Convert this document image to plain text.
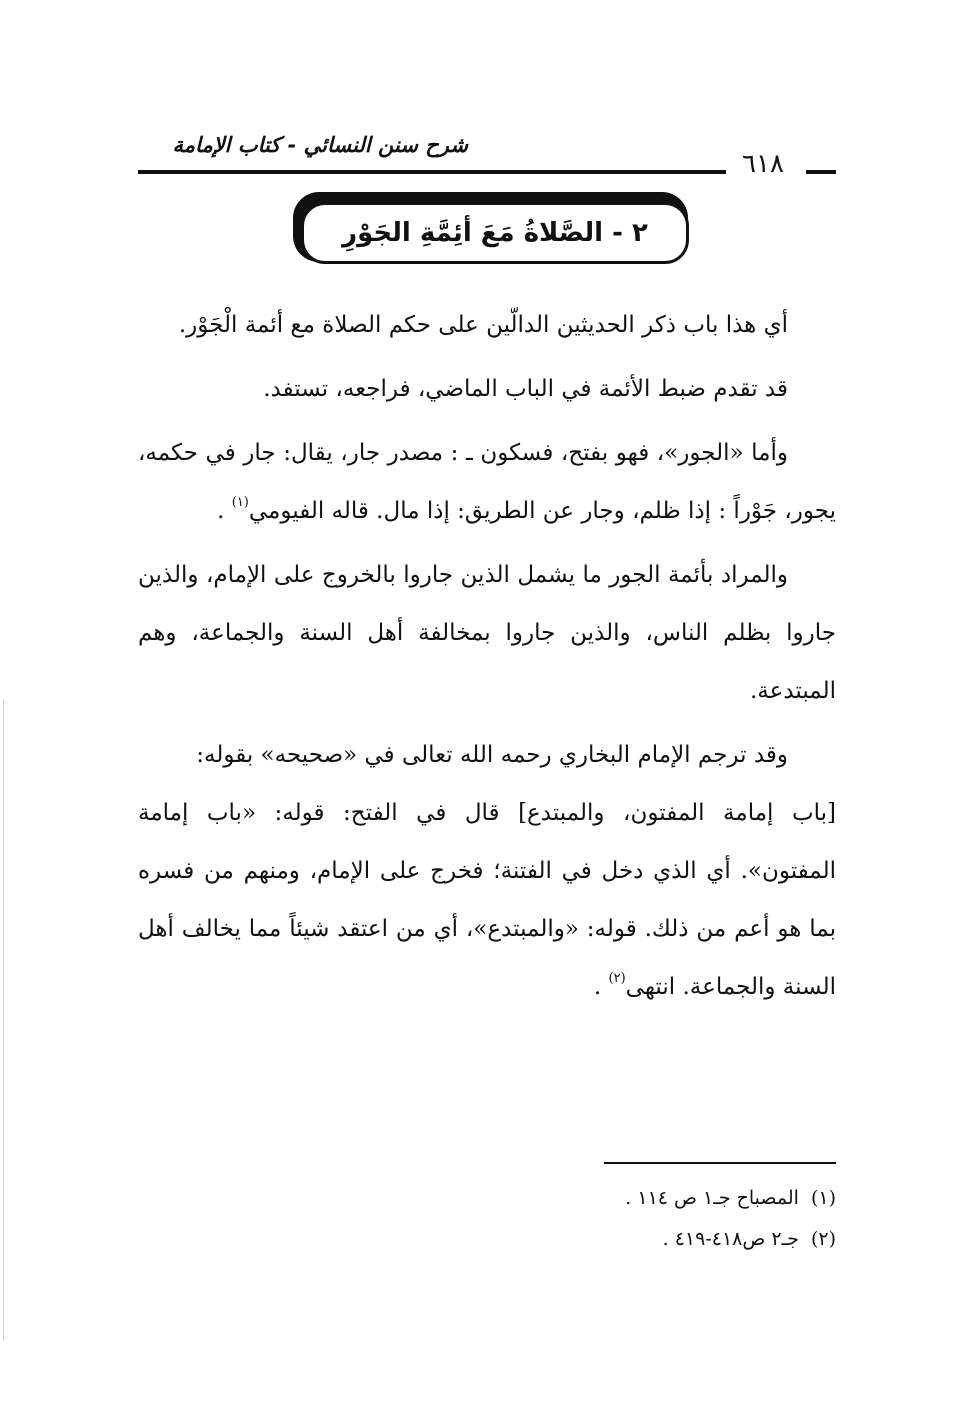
شرح سنن النسائي - كتاب الإمامة
٦١٨
٢ - الصَّلاةُ مَعَ أئِمَّةِ الجَوْرِ

أي هذا باب ذكر الحديثين الدالّين على حكم الصلاة مع أئمة الْجَوْر.

قد تقدم ضبط الأئمة في الباب الماضي، فراجعه، تستفد.

وأما «الجور»، فهو بفتح، فسكون ـ : مصدر جار، يقال: جار في حكمه، يجور، جَوْراً : إذا ظلم، وجار عن الطريق: إذا مال. قاله الفيومي$^{(١)}$ .

والمراد بأئمة الجور ما يشمل الذين جاروا بالخروج على الإمام، والذين جاروا بظلم الناس، والذين جاروا بمخالفة أهل السنة والجماعة، وهم المبتدعة.

وقد ترجم الإمام البخاري رحمه الله تعالى في «صحيحه» بقوله:

[باب إمامة المفتون، والمبتدع] قال في الفتح: قوله: «باب إمامة المفتون». أي الذي دخل في الفتنة؛ فخرج على الإمام، ومنهم من فسره بما هو أعم من ذلك. قوله: «والمبتدع»، أي من اعتقد شيئاً مما يخالف أهل السنة والجماعة. انتهى$^{(٢)}$ .

(١)المصباح جـ١ ص ١١٤ .
(٢)جـ٢ ص٤١٨-٤١٩ .
